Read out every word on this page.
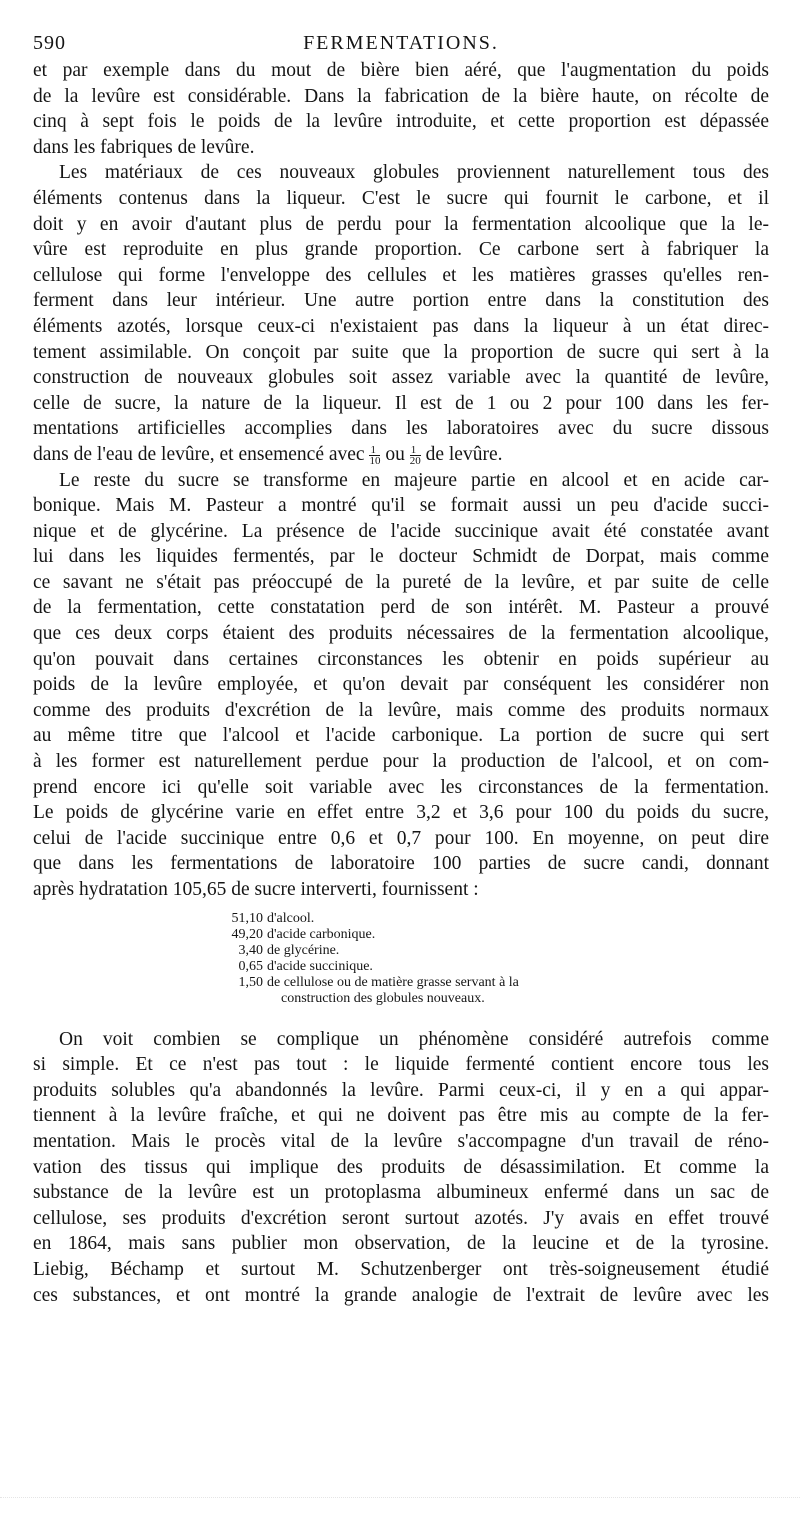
590	FERMENTATIONS.
et par exemple dans du mout de bière bien aéré, que l'augmentation du poids
de la levûre est considérable. Dans la fabrication de la bière haute, on récolte de
cinq à sept fois le poids de la levûre introduite, et cette proportion est dépassée
dans les fabriques de levûre.
Les matériaux de ces nouveaux globules proviennent naturellement tous des
éléments contenus dans la liqueur. C'est le sucre qui fournit le carbone, et il
doit y en avoir d'autant plus de perdu pour la fermentation alcoolique que la le-
vûre est reproduite en plus grande proportion. Ce carbone sert à fabriquer la
cellulose qui forme l'enveloppe des cellules et les matières grasses qu'elles ren-
ferment dans leur intérieur. Une autre portion entre dans la constitution des
éléments azotés, lorsque ceux-ci n'existaient pas dans la liqueur à un état direc-
tement assimilable. On conçoit par suite que la proportion de sucre qui sert à la
construction de nouveaux globules soit assez variable avec la quantité de levûre,
celle de sucre, la nature de la liqueur. Il est de 1 ou 2 pour 100 dans les fer-
mentations artificielles accomplies dans les laboratoires avec du sucre dissous
dans de l'eau de levûre, et ensemencé avec $\frac{1}{10}$ ou $\frac{1}{20}$ de levûre.
Le reste du sucre se transforme en majeure partie en alcool et en acide car-
bonique. Mais M. Pasteur a montré qu'il se formait aussi un peu d'acide succi-
nique et de glycérine. La présence de l'acide succinique avait été constatée avant
lui dans les liquides fermentés, par le docteur Schmidt de Dorpat, mais comme
ce savant ne s'était pas préoccupé de la pureté de la levûre, et par suite de celle
de la fermentation, cette constatation perd de son intérêt. M. Pasteur a prouvé
que ces deux corps étaient des produits nécessaires de la fermentation alcoolique,
qu'on pouvait dans certaines circonstances les obtenir en poids supérieur au
poids de la levûre employée, et qu'on devait par conséquent les considérer non
comme des produits d'excrétion de la levûre, mais comme des produits normaux
au même titre que l'alcool et l'acide carbonique. La portion de sucre qui sert
à les former est naturellement perdue pour la production de l'alcool, et on com-
prend encore ici qu'elle soit variable avec les circonstances de la fermentation.
Le poids de glycérine varie en effet entre 3,2 et 3,6 pour 100 du poids du sucre,
celui de l'acide succinique entre 0,6 et 0,7 pour 100. En moyenne, on peut dire
que dans les fermentations de laboratoire 100 parties de sucre candi, donnant
après hydratation 105,65 de sucre interverti, fournissent :
51,10 d'alcool.
49,20 d'acide carbonique.
3,40 de glycérine.
0,65 d'acide succinique.
1,50 de cellulose ou de matière grasse servant à la
construction des globules nouveaux.
On voit combien se complique un phénomène considéré autrefois comme
si simple. Et ce n'est pas tout : le liquide fermenté contient encore tous les
produits solubles qu'a abandonnés la levûre. Parmi ceux-ci, il y en a qui appar-
tiennent à la levûre fraîche, et qui ne doivent pas être mis au compte de la fer-
mentation. Mais le procès vital de la levûre s'accompagne d'un travail de réno-
vation des tissus qui implique des produits de désassimilation. Et comme la
substance de la levûre est un protoplasma albumineux enfermé dans un sac de
cellulose, ses produits d'excrétion seront surtout azotés. J'y avais en effet trouvé
en 1864, mais sans publier mon observation, de la leucine et de la tyrosine.
Liebig, Béchamp et surtout M. Schutzenberger ont très-soigneusement étudié
ces substances, et ont montré la grande analogie de l'extrait de levûre avec les
